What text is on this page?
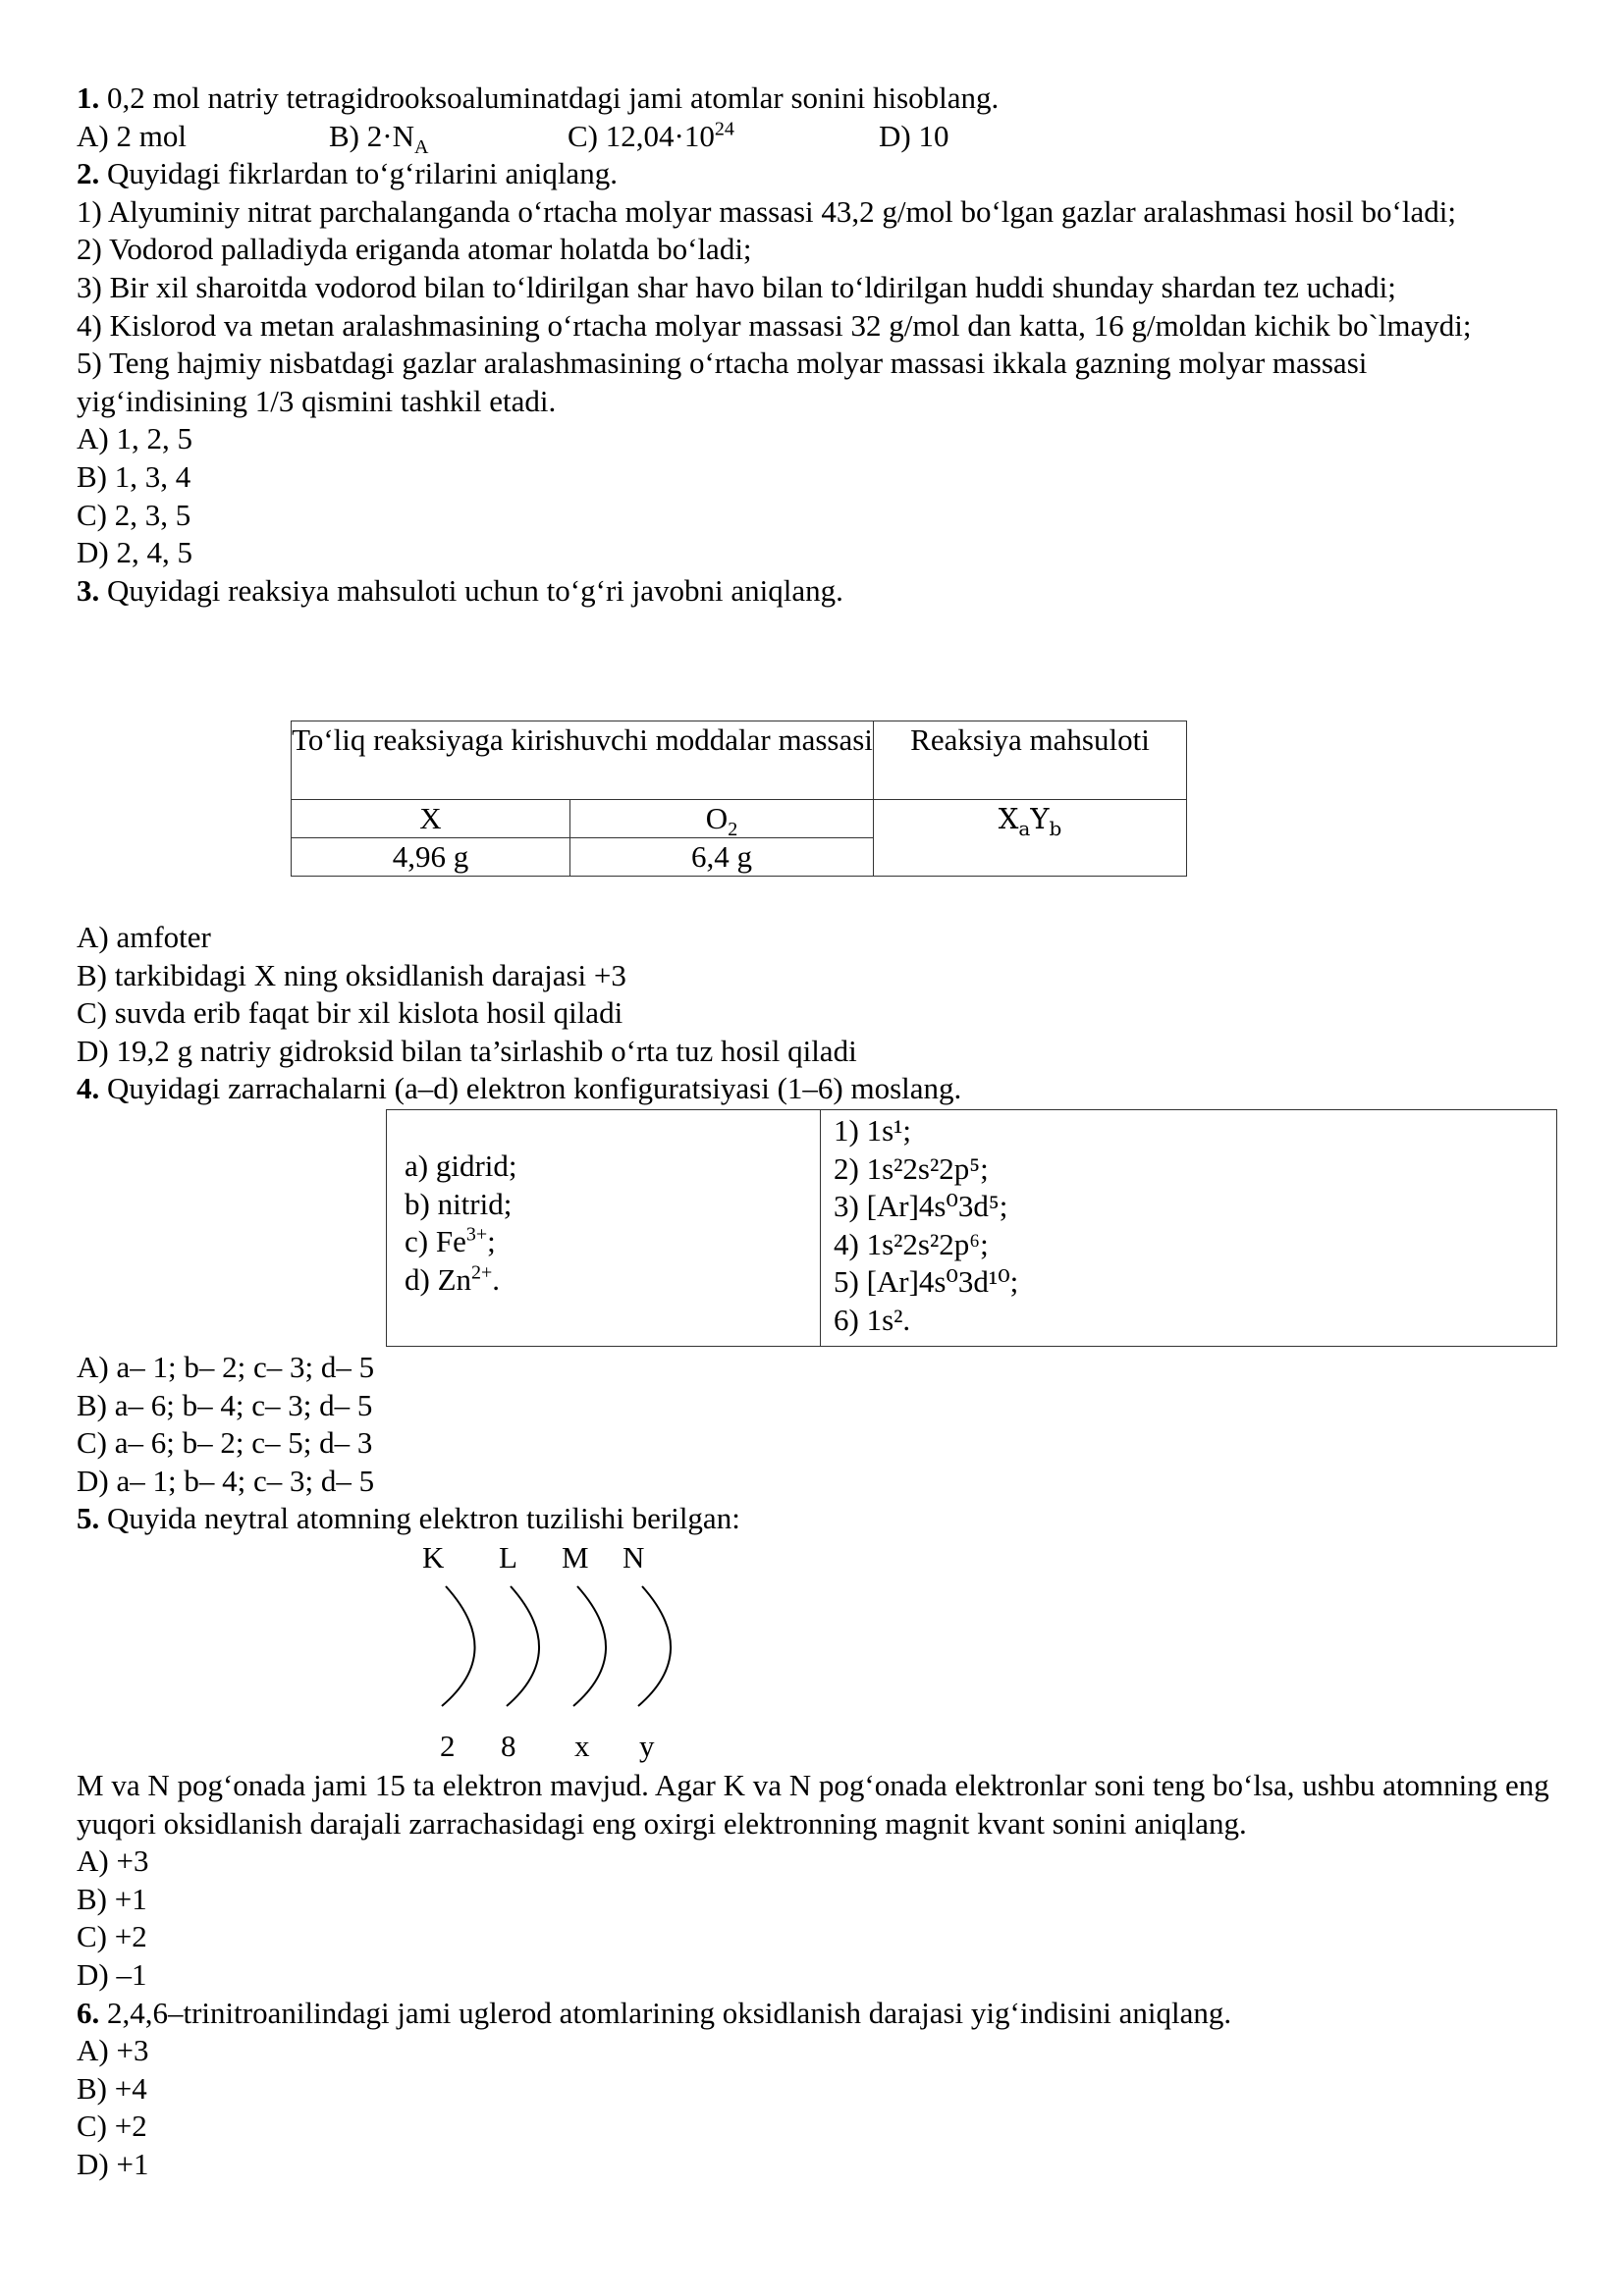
1. 0,2 mol natriy tetragidrooksoaluminatdagi jami atomlar sonini hisoblang.
A) 2 mol	B) $2\cdot N_A$	C) $12,04\cdot 10^{24}$	D) 10
2. Quyidagi fikrlardan to‘g‘rilarini aniqlang.
1) Alyuminiy nitrat parchalanganda o‘rtacha molyar massasi 43,2 g/mol bo‘lgan gazlar aralashmasi hosil bo‘ladi;
2) Vodorod palladiyda eriganda atomar holatda bo‘ladi;
3) Bir xil sharoitda vodorod bilan to‘ldirilgan shar havo bilan to‘ldirilgan huddi shunday shardan tez uchadi;
4) Kislorod va metan aralashmasining o‘rtacha molyar massasi 32 g/mol dan katta, 16 g/moldan kichik bo`lmaydi;
5) Teng hajmiy nisbatdagi gazlar aralashmasining o‘rtacha molyar massasi ikkala gazning molyar massasi yig‘indisining 1/3 qismini tashkil etadi.
A) 1, 2, 5
B) 1, 3, 4
C) 2, 3, 5
D) 2, 4, 5
3. Quyidagi reaksiya mahsuloti uchun to‘g‘ri javobni aniqlang.
To‘liq reaksiyaga kirishuvchi moddalar massasi		Reaksiya mahsuloti
X	$O_2$	$X_aY_b$
4,96 g	6,4 g	
A) amfoter
B) tarkibidagi X ning oksidlanish darajasi +3
C) suvda erib faqat bir xil kislota hosil qiladi
D) 19,2 g natriy gidroksid bilan ta’sirlashib o‘rta tuz hosil qiladi
4. Quyidagi zarrachalarni (a–d) elektron konfiguratsiyasi (1–6) moslang.
a) gidrid;
b) nitrid;
c) $Fe^{3+}$;
d) $Zn^{2+}$.
1) 1s¹;
2) 1s²2s²2p⁵;
3) [Ar]4s⁰3d⁵;
4) 1s²2s²2p⁶;
5) [Ar]4s⁰3d¹⁰;
6) 1s².
A) a– 1; b– 2; c– 3; d– 5
B) a– 6; b– 4; c– 3; d– 5
C) a– 6; b– 2; c– 5; d– 3
D) a– 1; b– 4; c– 3; d– 5
5. Quyida neytral atomning elektron tuzilishi berilgan:
K L M N
2 8 x y
M va N pog‘onada jami 15 ta elektron mavjud. Agar K va N pog‘onada elektronlar soni teng bo‘lsa, ushbu atomning eng yuqori oksidlanish darajali zarrachasidagi eng oxirgi elektronning magnit kvant sonini aniqlang.
A) +3
B) +1
C) +2
D) –1
6. 2,4,6–trinitroanilindagi jami uglerod atomlarining oksidlanish darajasi yig‘indisini aniqlang.
A) +3
B) +4
C) +2
D) +1
